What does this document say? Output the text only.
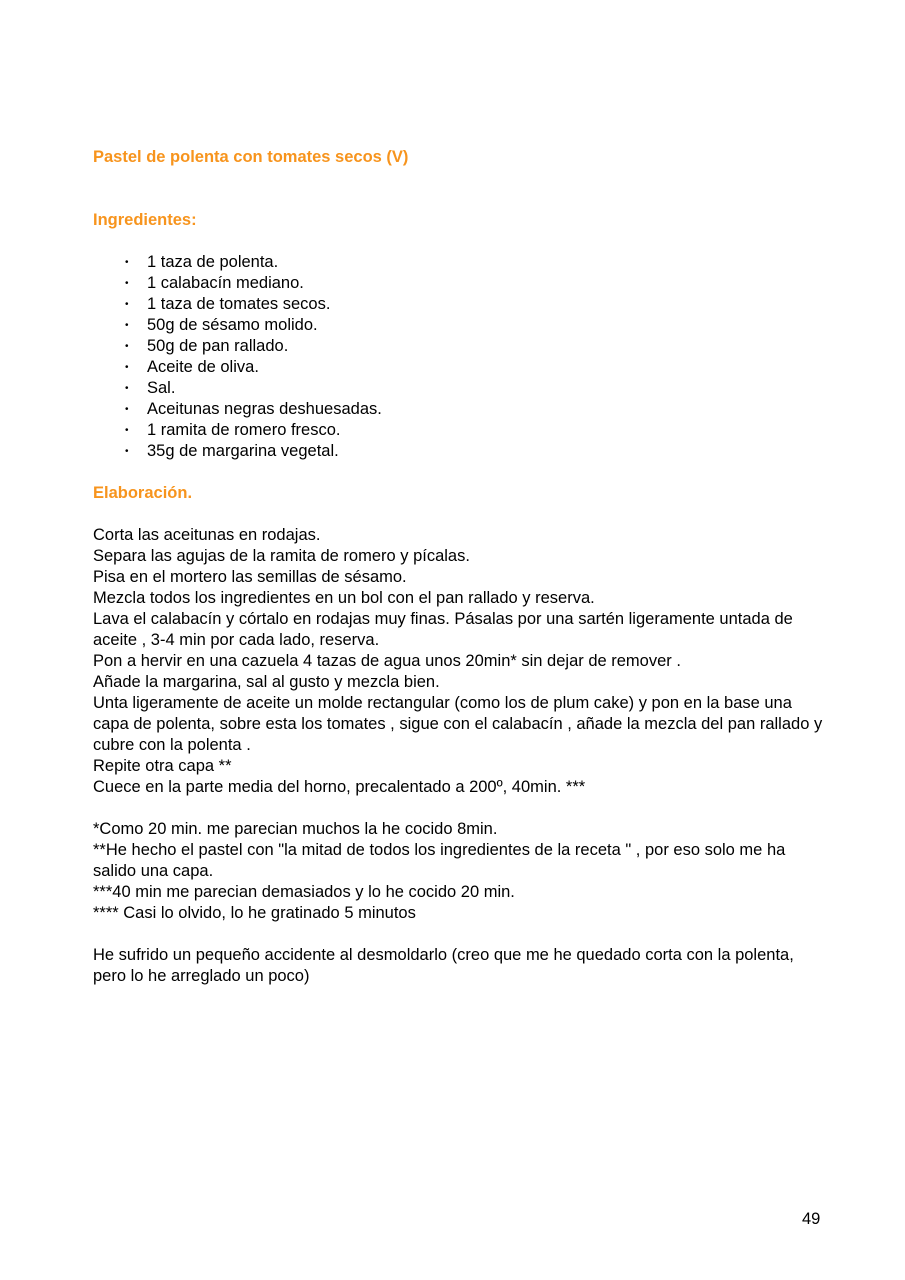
Pastel de polenta con tomates secos (V)
Ingredientes:
• 1 taza de polenta.
• 1 calabacín mediano.
• 1 taza de tomates secos.
• 50g de sésamo molido.
• 50g de pan rallado.
• Aceite de oliva.
• Sal.
• Aceitunas negras deshuesadas.
• 1 ramita de romero fresco.
• 35g de margarina vegetal.
Elaboración.

Corta las aceitunas en rodajas.

Separa las agujas de la ramita de romero y pícalas.

Pisa en el mortero las semillas de sésamo.

Mezcla todos los ingredientes en un bol con el pan rallado y reserva.

Lava el calabacín y córtalo en rodajas muy finas. Pásalas por una sartén ligeramente untada de aceite , 3-4 min por cada lado, reserva.

Pon a hervir en una cazuela 4 tazas de agua unos 20min* sin dejar de remover .

Añade la margarina, sal al gusto y mezcla bien.

Unta ligeramente de aceite un molde rectangular (como los de plum cake) y pon en la base una capa de polenta, sobre esta los tomates , sigue con el calabacín , añade la mezcla del pan rallado y cubre con la polenta .

Repite otra capa **

Cuece en la parte media del horno, precalentado a 200º, 40min. ***

*Como 20 min. me parecian muchos la he cocido 8min.

**He hecho el pastel con "la mitad de todos los ingredientes de la receta " , por eso solo me ha salido una capa.

***40 min me parecian demasiados y lo he cocido 20 min.

**** Casi lo olvido, lo he gratinado 5 minutos

He sufrido un pequeño accidente al desmoldarlo (creo que me he quedado corta con la polenta, pero lo he arreglado un poco)

49
